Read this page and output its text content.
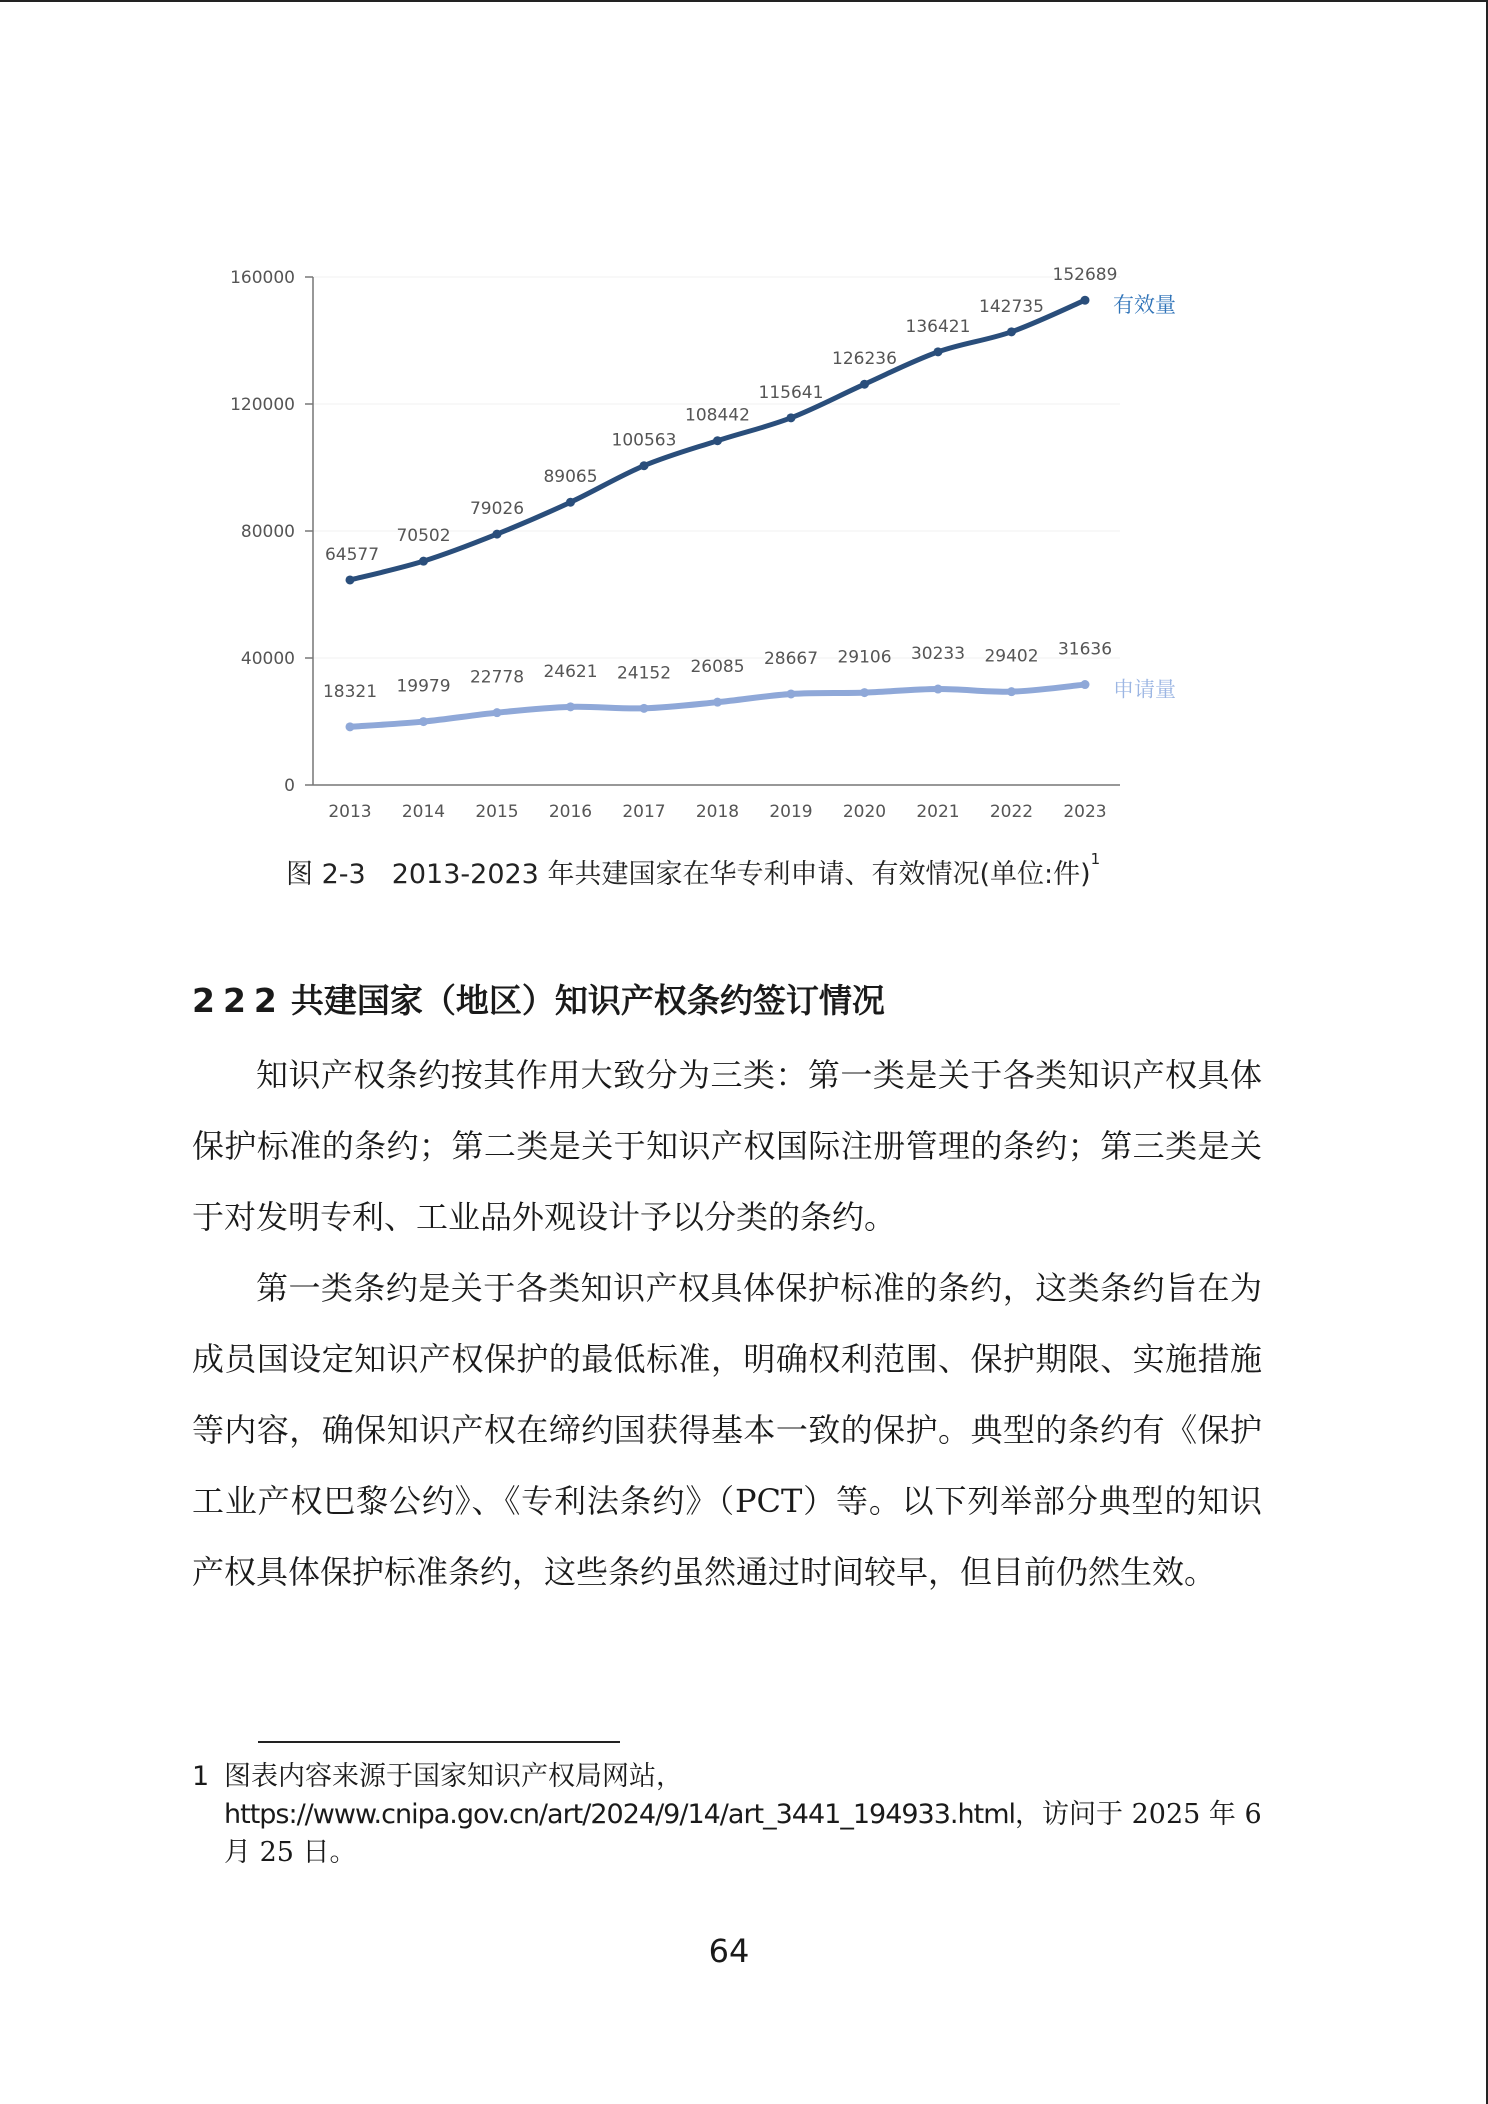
0
40000
80000
120000
160000
2013 2014 2015 2016 2017 2018 2019 2020 2021 2022 2023
64577
70502
79026
89065
100563
108442
115641
126236
136421
142735
152689
有效量
18321 19979 22778 24621 24152 26085 28667 29106 30233 29402 31636
申请量
图 2-3 2013-2023 年共建国家在华专利申请、有效情况(单位:件)1
222 共建国家（地区）知识产权条约签订情况

知识产权条约按其作用大致分为三类：第一类是关于各类知识产权具体保护标准的条约；第二类是关于知识产权国际注册管理的条约；第三类是关于对发明专利、工业品外观设计予以分类的条约。

第一类条约是关于各类知识产权具体保护标准的条约，这类条约旨在为成员国设定知识产权保护的最低标准，明确权利范围、保护期限、实施措施等内容，确保知识产权在缔约国获得基本一致的保护。典型的条约有《保护工业产权巴黎公约》、《专利法条约》（PCT）等。以下列举部分典型的知识产权具体保护标准条约，这些条约虽然通过时间较早，但目前仍然生效。

1 图表内容来源于国家知识产权局网站，
https://www.cnipa.gov.cn/art/2024/9/14/art_3441_194933.html，访问于 2025 年 6 月 25 日。
64
